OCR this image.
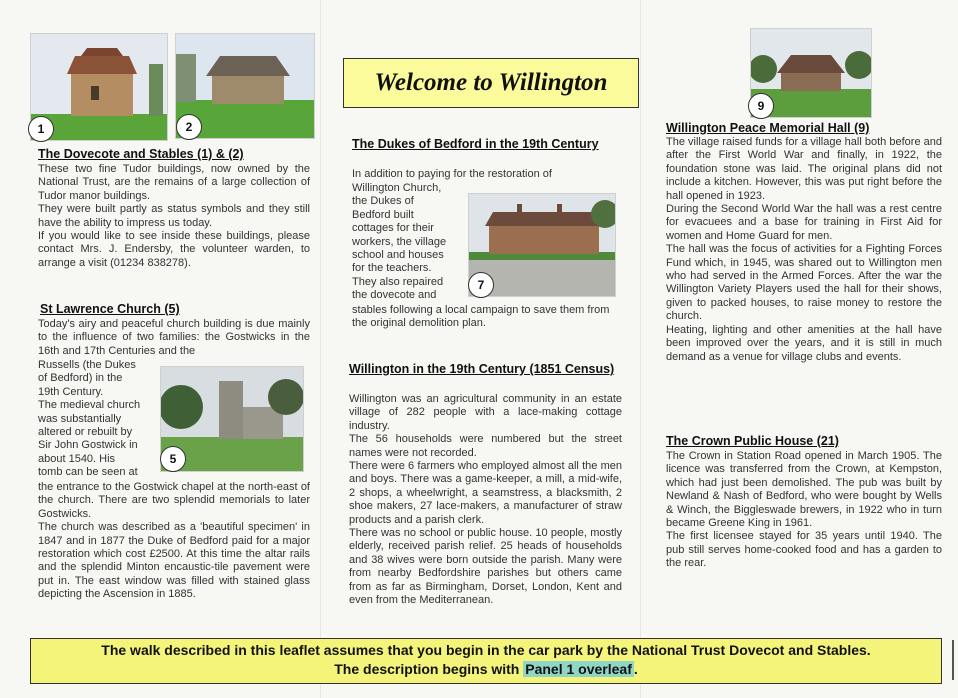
1	2
The Dovecote and Stables (1) & (2)

These two fine Tudor buildings, now owned by the National Trust, are the remains of a large collection of Tudor manor buildings.

They were built partly as status symbols and they still have the ability to impress us today.

If you would like to see inside these buildings, please contact Mrs. J. Endersby, the volunteer warden, to arrange a visit (01234 838278).

St Lawrence Church (5)
Today's airy and peaceful church building is due mainly to the influence of two families: the Gostwicks in the 16th and 17th Centuries and the
Russells (the Dukes
of Bedford) in the
19th Century.
The medieval church
was substantially
altered or rebuilt by
Sir John Gostwick in
about 1540. His
tomb can be seen at
5

the entrance to the Gostwick chapel at the north-east of the church. There are two splendid memorials to later Gostwicks.

The church was described as a 'beautiful specimen' in 1847 and in 1877 the Duke of Bedford paid for a major restoration which cost £2500. At this time the altar rails and the splendid Minton encaustic-tile pavement were put in. The east window was filled with stained glass depicting the Ascension in 1885.

Welcome to Willington
The Dukes of Bedford in the 19th Century
In addition to paying for the restoration of
Willington Church,
the Dukes of
Bedford built
cottages for their
workers, the village
school and houses
for the teachers.
They also repaired
the dovecote and
7
stables following a local campaign to save them from the original demolition plan.
Willington in the 19th Century (1851 Census)

Willington was an agricultural community in an estate village of 282 people with a lace-making cottage industry.

The 56 households were numbered but the street names were not recorded.

There were 6 farmers who employed almost all the men and boys. There was a game-keeper, a mill, a mid-wife, 2 shops, a wheelwright, a seamstress, a blacksmith, 2 shoe makers, 27 lace-makers, a manufacturer of straw products and a parish clerk.

There was no school or public house. 10 people, mostly elderly, received parish relief. 25 heads of households and 38 wives were born outside the parish. Many were from nearby Bedfordshire parishes but others came from as far as Birmingham, Dorset, London, Kent and even from the Mediterranean.

9
Willington Peace Memorial Hall (9)

The village raised funds for a village hall both before and after the First World War and finally, in 1922, the foundation stone was laid. The original plans did not include a kitchen. However, this was put right before the hall opened in 1923.

During the Second World War the hall was a rest centre for evacuees and a base for training in First Aid for women and Home Guard for men.

The hall was the focus of activities for a Fighting Forces Fund which, in 1945, was shared out to Willington men who had served in the Armed Forces. After the war the Willington Variety Players used the hall for their shows, given to packed houses, to raise money to restore the church.

Heating, lighting and other amenities at the hall have been improved over the years, and it is still in much demand as a venue for village clubs and events.

The Crown Public House (21)

The Crown in Station Road opened in March 1905. The licence was transferred from the Crown, at Kempston, which had just been demolished. The pub was built by Newland & Nash of Bedford, who were bought by Wells & Winch, the Biggleswade brewers, in 1922 who in turn became Greene King in 1961.

The first licensee stayed for 35 years until 1940. The pub still serves home-cooked food and has a garden to the rear.

The walk described in this leaflet assumes that you begin in the car park by the National Trust Dovecot and Stables.
The description begins with Panel 1 overleaf .
